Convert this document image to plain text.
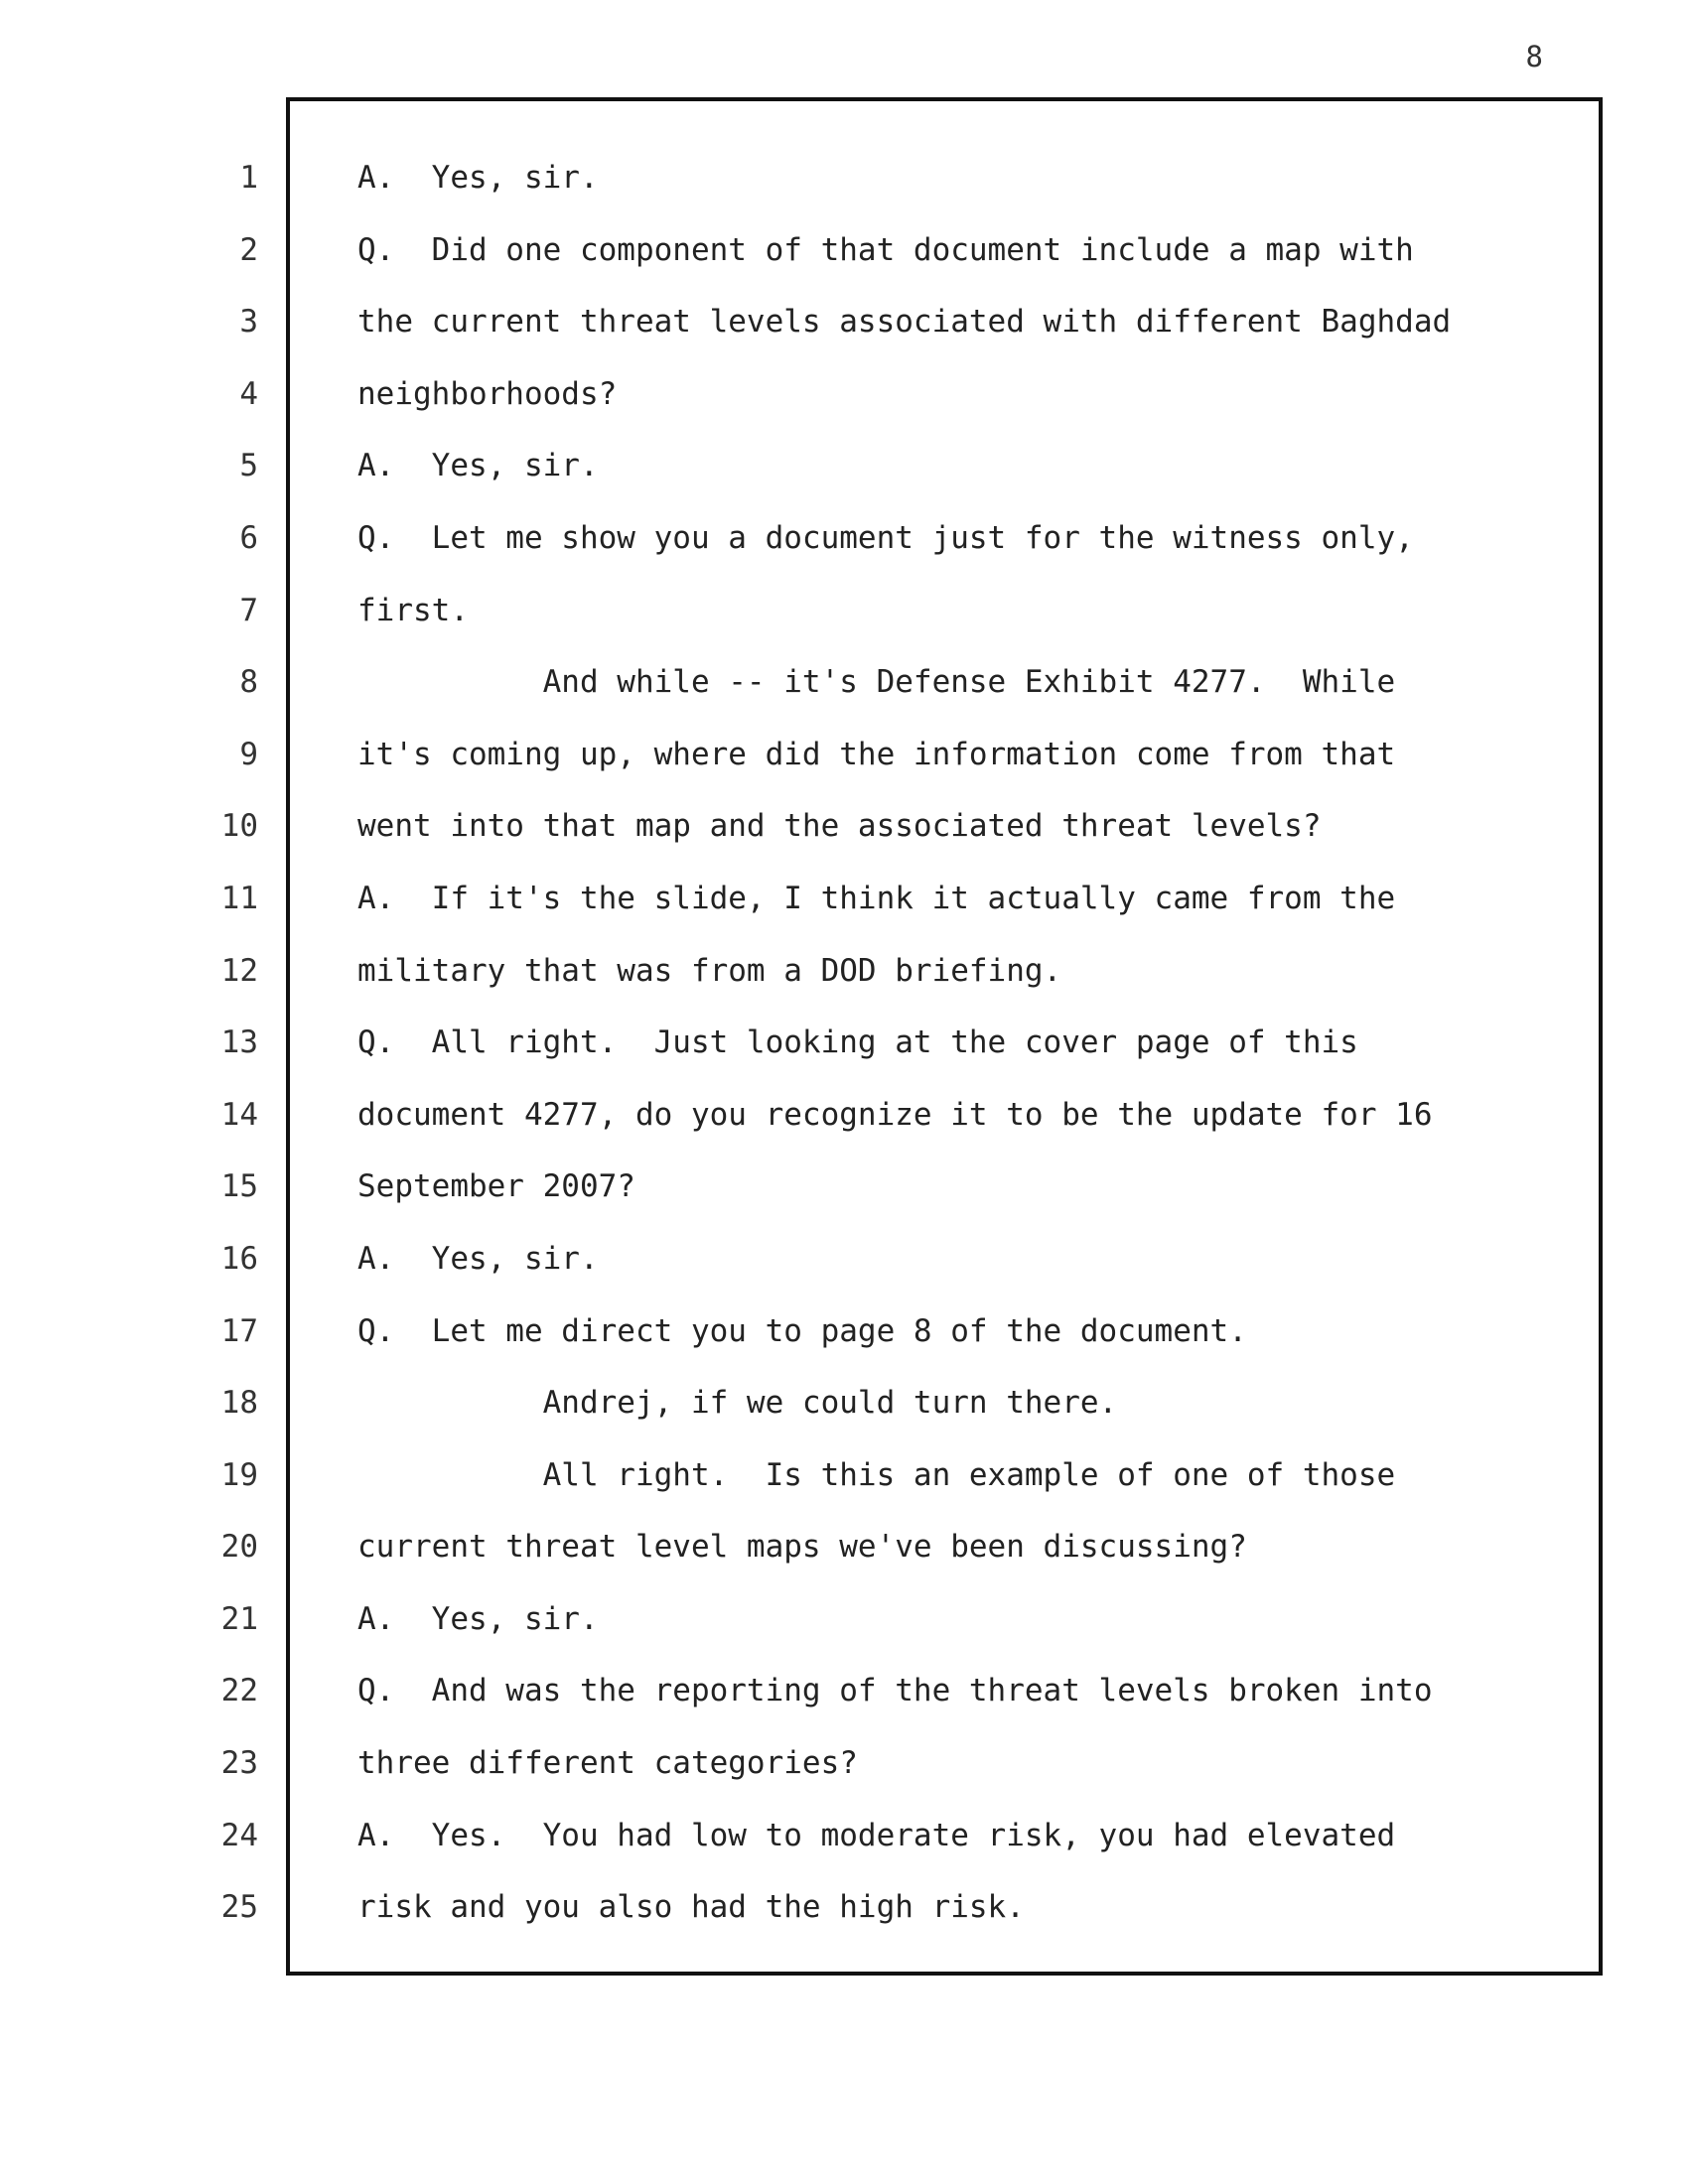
8
1
2
3
4
5
6
7
8
9
10
11
12
13
14
15
16
17
18
19
20
21
22
23
24
25
A.  Yes, sir.
Q.  Did one component of that document include a map with
the current threat levels associated with different Baghdad
neighborhoods?
A.  Yes, sir.
Q.  Let me show you a document just for the witness only,
first.
And while -- it's Defense Exhibit 4277.  While
it's coming up, where did the information come from that
went into that map and the associated threat levels?
A.  If it's the slide, I think it actually came from the
military that was from a DOD briefing.
Q.  All right.  Just looking at the cover page of this
document 4277, do you recognize it to be the update for 16
September 2007?
A.  Yes, sir.
Q.  Let me direct you to page 8 of the document.
Andrej, if we could turn there.
All right.  Is this an example of one of those
current threat level maps we've been discussing?
A.  Yes, sir.
Q.  And was the reporting of the threat levels broken into
three different categories?
A.  Yes.  You had low to moderate risk, you had elevated
risk and you also had the high risk.
